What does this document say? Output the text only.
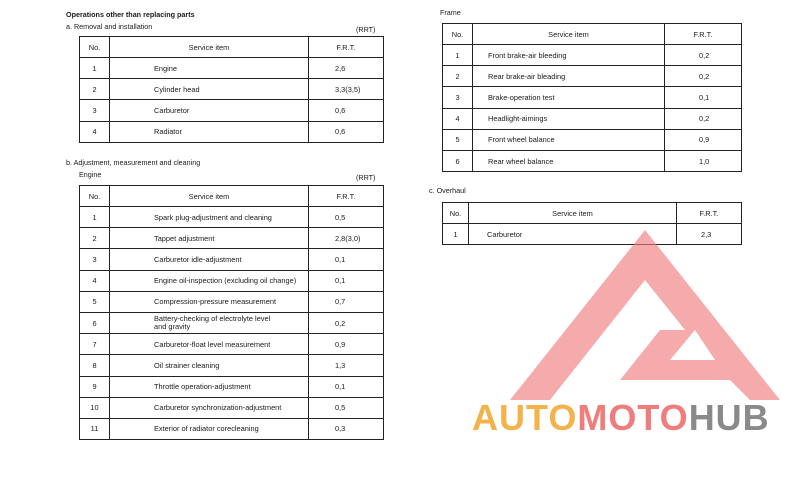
Operations other than replacing parts
a. Removal and installation	(RRT)
No.	Service item	F.R.T.
1	Engine	2,6
2	Cylinder head	3,3(3,5)
3	Carburetor	0,6
4	Radiator	0,6
b. Adjustment, measurement and cleaning
Engine	(RRT)
No.	Service item	F.R.T.
1	Spark plug-adjustment and cleaning	0,5
2	Tappet adjustment	2,8(3,0)
3	Carburetor idle-adjustment	0,1
4	Engine oil-inspection (excluding oil change)	0,1
5	Compression-pressure measurement	0,7
6	Battery-checking of electrolyte level and gravity	0,2
7	Carburetor-float level measurement	0,9
8	Oil strainer cleaning	1,3
9	Throttle operation-adjustment	0,1
10	Carburetor synchronization-adjustment	0,5
11	Exterior of radiator corecleaning	0,3
Frame
No.	Service item	F.R.T.
1	Front brake-air bleeding	0,2
2	Rear brake-air bleading	0,2
3	Brake-operation test	0,1
4	Headlight-aimings	0,2
5	Front wheel balance	0,9
6	Rear wheel balance	1,0
c. Overhaul
No.	Service item	F.R.T.
1	Carburetor	2,3
AUTOMOTOHUB
